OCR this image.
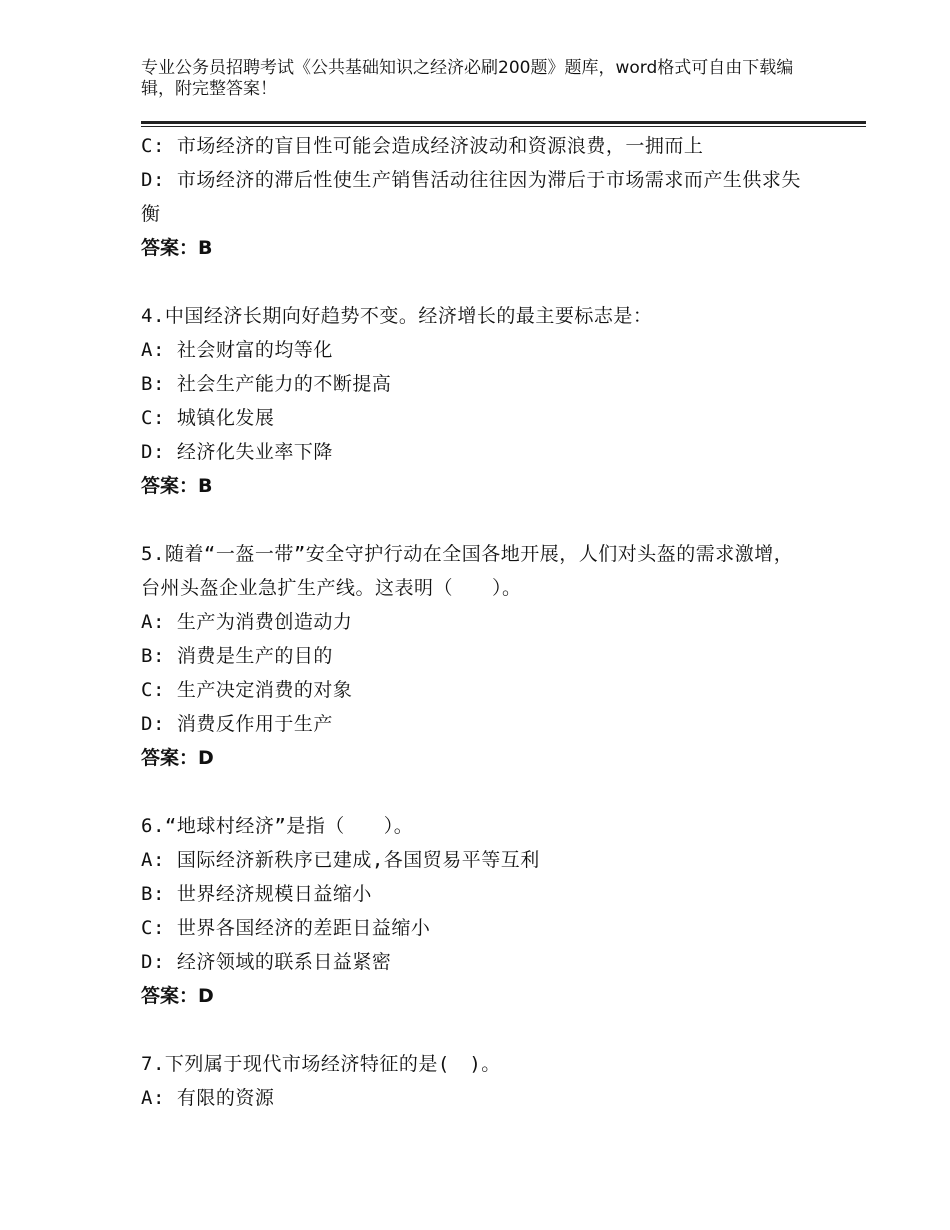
专业公务员招聘考试《公共基础知识之经济必刷200题》题库，word格式可自由下载编辑，附完整答案！
C: 市场经济的盲目性可能会造成经济波动和资源浪费，一拥而上
D: 市场经济的滞后性使生产销售活动往往因为滞后于市场需求而产生供求失衡
答案：B
4.中国经济长期向好趋势不变。经济增长的最主要标志是：
A: 社会财富的均等化
B: 社会生产能力的不断提高
C: 城镇化发展
D: 经济化失业率下降
答案：B
5.随着“一盔一带”安全守护行动在全国各地开展，人们对头盔的需求激增，台州头盔企业急扩生产线。这表明（　　）。
A: 生产为消费创造动力
B: 消费是生产的目的
C: 生产决定消费的对象
D: 消费反作用于生产
答案：D
6.“地球村经济”是指（　　）。
A: 国际经济新秩序已建成,各国贸易平等互利
B: 世界经济规模日益缩小
C: 世界各国经济的差距日益缩小
D: 经济领域的联系日益紧密
答案：D
7.下列属于现代市场经济特征的是(　)。
A: 有限的资源
